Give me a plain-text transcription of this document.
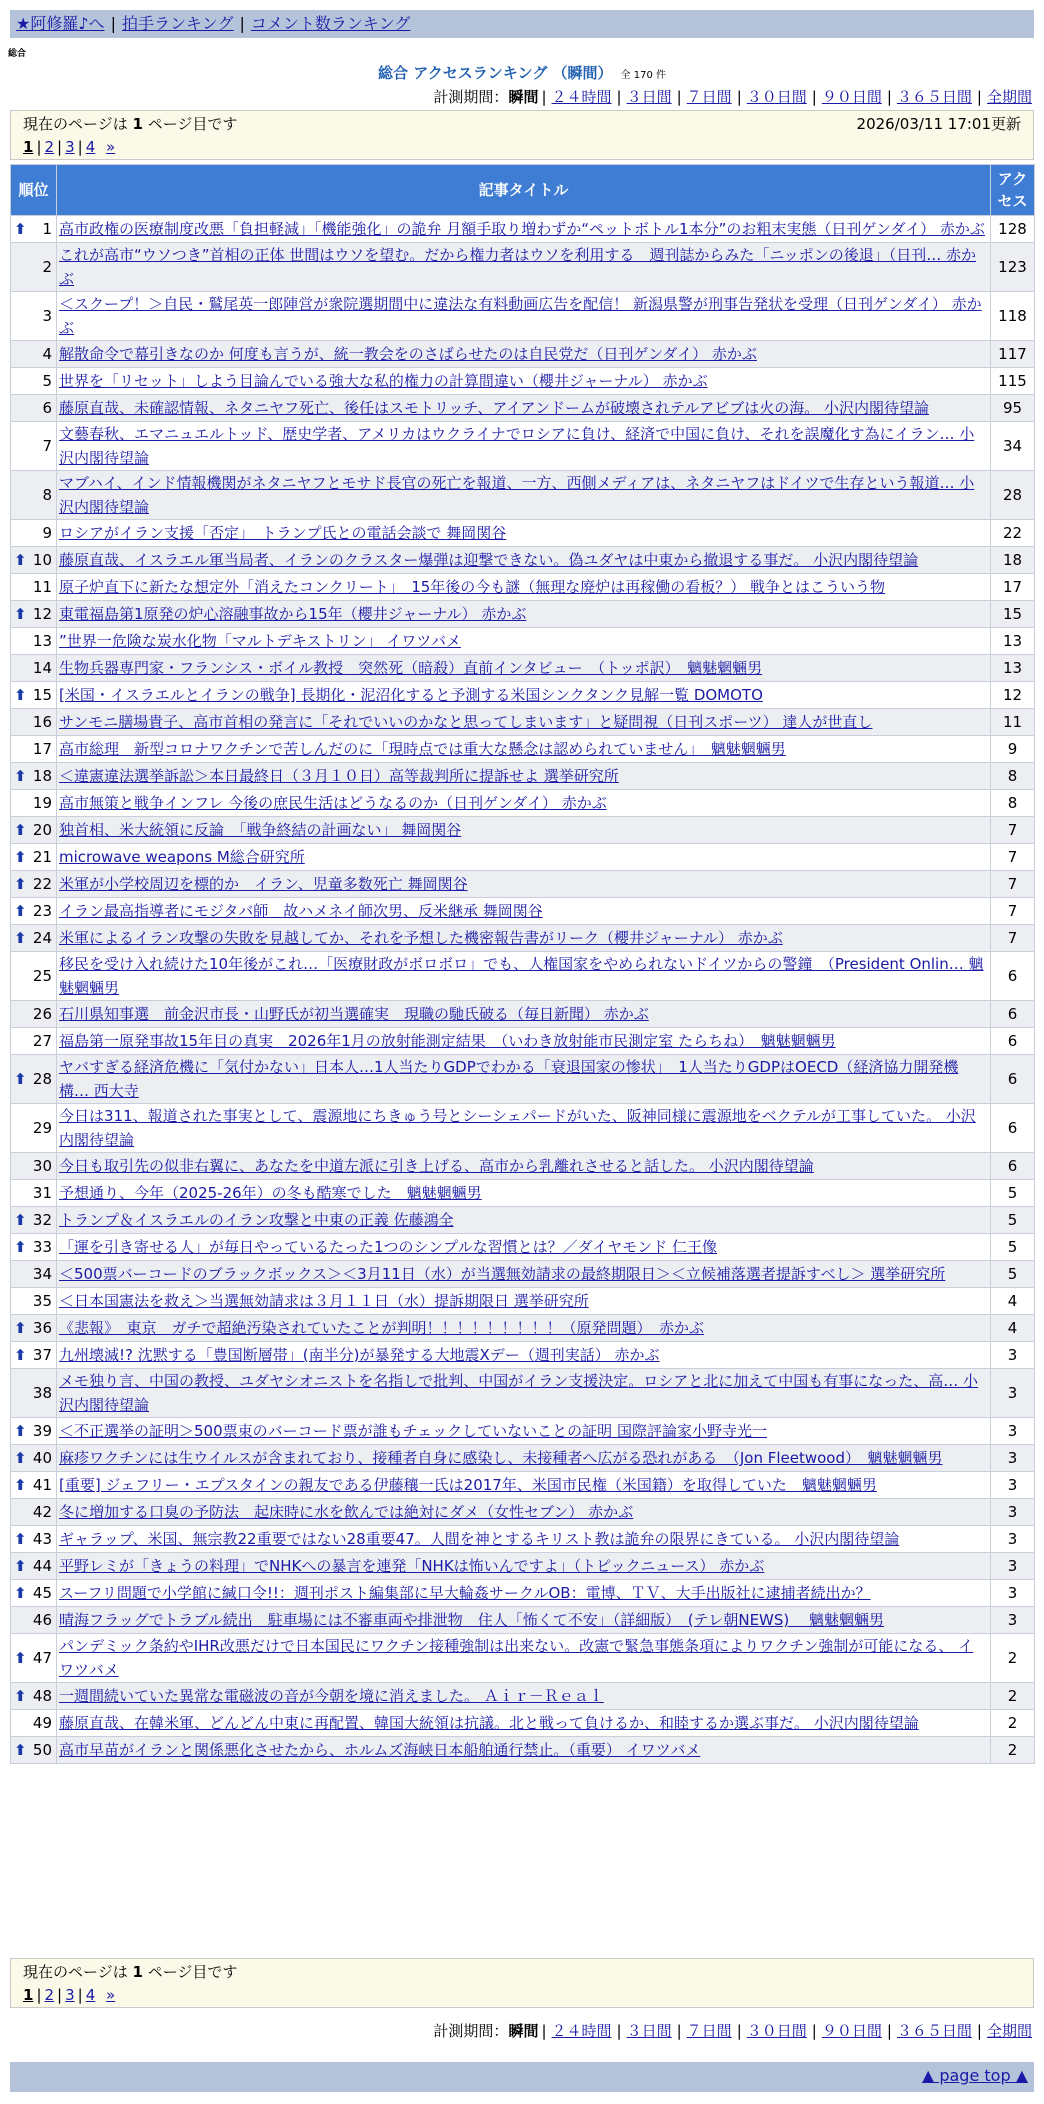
★阿修羅♪へ | 拍手ランキング | コメント数ランキング
総合
総合 アクセスランキング （瞬間） 全 170 件
計測期間：瞬間 | ２４時間 | ３日間 | ７日間 | ３０日間 | ９０日間 | ３６５日間 | 全期間
現在のページは 1 ページ目です	2026/03/11 17:01更新
1 | 2 | 3 | 4 »
順位	記事タイトル	アクセス

⬆ 1	高市政権の医療制度改悪「負担軽減」「機能強化」の詭弁 月額手取り増わずか“ペットボトル1本分”のお粗末実態（日刊ゲンダイ） 赤かぶ	128
2	これが高市“ウソつき”首相の正体 世間はウソを望む。だから権力者はウソを利用する　週刊誌からみた「ニッポンの後退」（日刊… 赤かぶ	123
3	＜スクープ！＞自民・鷲尾英一郎陣営が衆院選期間中に違法な有料動画広告を配信！ 新潟県警が刑事告発状を受理（日刊ゲンダイ） 赤かぶ	118
4	解散命令で幕引きなのか 何度も言うが、統一教会をのさばらせたのは自民党だ（日刊ゲンダイ） 赤かぶ	117
5	世界を「リセット」しよう目論んでいる強大な私的権力の計算間違い（櫻井ジャーナル） 赤かぶ	115
6	藤原直哉、未確認情報、ネタニヤフ死亡、後任はスモトリッチ、アイアンドームが破壊されテルアビブは火の海。 小沢内閣待望論	95
7	文藝春秋、エマニュエルトッド、歴史学者、アメリカはウクライナでロシアに負け、経済で中国に負け、それを誤魔化す為にイラン… 小沢内閣待望論	34
8	マブハイ、インド情報機関がネタニヤフとモサド長官の死亡を報道、一方、西側メディアは、ネタニヤフはドイツで生存という報道… 小沢内閣待望論	28
9	ロシアがイラン支援「否定」　トランプ氏との電話会談で 舞岡関谷	22

⬆ 10	藤原直哉、イスラエル軍当局者、イランのクラスター爆弾は迎撃できない。偽ユダヤは中東から撤退する事だ。 小沢内閣待望論	18
11	原子炉直下に新たな想定外「消えたコンクリート」　15年後の今も謎（無理な廃炉は再稼働の看板？） 戦争とはこういう物	17

⬆ 12	東電福島第1原発の炉心溶融事故から15年（櫻井ジャーナル） 赤かぶ	15
13	”世界一危険な炭水化物「マルトデキストリン」 イワツバメ	13
14	生物兵器専門家・フランシス・ボイル教授　突然死（暗殺）直前インタビュー　（トッポ訳）　魑魅魍魎男	13

⬆ 15	[米国・イスラエルとイランの戦争] 長期化・泥沼化すると予測する米国シンクタンク見解一覧 DOMOTO	12
16	サンモニ膳場貴子、高市首相の発言に「それでいいのかなと思ってしまいます」と疑問視（日刊スポーツ） 達人が世直し	11
17	高市総理　新型コロナワクチンで苦しんだのに「現時点では重大な懸念は認められていません」　魑魅魍魎男	9

⬆ 18	＜違憲違法選挙訴訟＞本日最終日（３月１０日）高等裁判所に提訴せよ 選挙研究所	8
19	高市無策と戦争インフレ 今後の庶民生活はどうなるのか（日刊ゲンダイ） 赤かぶ	8

⬆ 20	独首相、米大統領に反論　「戦争終結の計画ない」 舞岡関谷	7

⬆ 21	microwave weapons M総合研究所	7

⬆ 22	米軍が小学校周辺を標的か　イラン、児童多数死亡 舞岡関谷	7

⬆ 23	イラン最高指導者にモジタバ師　故ハメネイ師次男、反米継承 舞岡関谷	7

⬆ 24	米軍によるイラン攻撃の失敗を見越してか、それを予想した機密報告書がリーク（櫻井ジャーナル） 赤かぶ	7
25	移民を受け入れ続けた10年後がこれ…「医療財政がボロボロ」でも、人権国家をやめられないドイツからの警鐘　（President Onlin… 魑魅魍魎男	6
26	石川県知事選　前金沢市長・山野氏が初当選確実　現職の馳氏破る（毎日新聞） 赤かぶ	6
27	福島第一原発事故15年目の真実　2026年1月の放射能測定結果　（いわき放射能市民測定室 たらちね）　魑魅魍魎男	6

⬆ 28	ヤバすぎる経済危機に「気付かない」日本人…1人当たりGDPでわかる「衰退国家の惨状」　1人当たりGDPはOECD（経済協力開発機構… 西大寺	6
29	今日は311、報道された事実として、震源地にちきゅう号とシーシェパードがいた、阪神同様に震源地をベクテルが工事していた。 小沢内閣待望論	6
30	今日も取引先の似非右翼に、あなたを中道左派に引き上げる、高市から乳離れさせると話した。 小沢内閣待望論	6
31	予想通り、今年（2025-26年）の冬も酷寒でした　魑魅魍魎男	5

⬆ 32	トランプ＆イスラエルのイラン攻撃と中東の正義 佐藤鴻全	5

⬆ 33	「運を引き寄せる人」が毎日やっているたった1つのシンプルな習慣とは？／ダイヤモンド 仁王像	5
34	＜500票バーコードのブラックボックス＞＜3月11日（水）が当選無効請求の最終期限日＞＜立候補落選者提訴すべし＞ 選挙研究所	5
35	＜日本国憲法を救え＞当選無効請求は３月１１日（水）提訴期限日 選挙研究所	4

⬆ 36	《悲報》　東京　ガチで超絶汚染されていたことが判明！！！！！！！！！（原発問題）　赤かぶ	4

⬆ 37	九州壊滅!? 沈黙する「豊国断層帯」(南半分)が暴発する大地震Xデー（週刊実話） 赤かぶ	3
38	メモ独り言、中国の教授、ユダヤシオニストを名指しで批判、中国がイラン支援決定。ロシアと北に加えて中国も有事になった、高… 小沢内閣待望論	3

⬆ 39	＜不正選挙の証明＞500票束のバーコード票が誰もチェックしていないことの証明 国際評論家小野寺光一	3

⬆ 40	麻疹ワクチンには生ウイルスが含まれており、接種者自身に感染し、未接種者へ広がる恐れがある　（Jon Fleetwood）　魑魅魍魎男	3

⬆ 41	[重要] ジェフリー・エプスタインの親友である伊藤穰一氏は2017年、米国市民権（米国籍）を取得していた　魑魅魍魎男	3
42	冬に増加する口臭の予防法　起床時に水を飲んでは絶対にダメ（女性セブン） 赤かぶ	3

⬆ 43	ギャラップ、米国、無宗教22重要ではない28重要47。人間を神とするキリスト教は詭弁の限界にきている。 小沢内閣待望論	3

⬆ 44	平野レミが「きょうの料理」でNHKへの暴言を連発「NHKは怖いんですよ」（トピックニュース） 赤かぶ	3

⬆ 45	スーフリ問題で小学館に緘口令!!：週刊ポスト編集部に早大輪姦サークルOB：電博、ＴＶ、大手出版社に逮捕者続出か？	3
46	晴海フラッグでトラブル続出　駐車場には不審車両や排泄物　住人「怖くて不安」（詳細版）　(テレ朝NEWS)　 魑魅魍魎男	3

⬆ 47	パンデミック条約やIHR改悪だけで日本国民にワクチン接種強制は出来ない。改憲で緊急事態条項によりワクチン強制が可能になる、 イワツバメ	2

⬆ 48	一週間続いていた異常な電磁波の音が今朝を境に消えました。 Ａｉｒ－Ｒｅａｌ	2
49	藤原直哉、在韓米軍、どんどん中東に再配置、韓国大統領は抗議。北と戦って負けるか、和睦するか選ぶ事だ。 小沢内閣待望論	2

⬆ 50	高市早苗がイランと関係悪化させたから、ホルムズ海峡日本船舶通行禁止。（重要） イワツバメ	2
現在のページは 1 ページ目です
1 | 2 | 3 | 4 »
計測期間：瞬間 | ２４時間 | ３日間 | ７日間 | ３０日間 | ９０日間 | ３６５日間 | 全期間
▲ page top ▲
